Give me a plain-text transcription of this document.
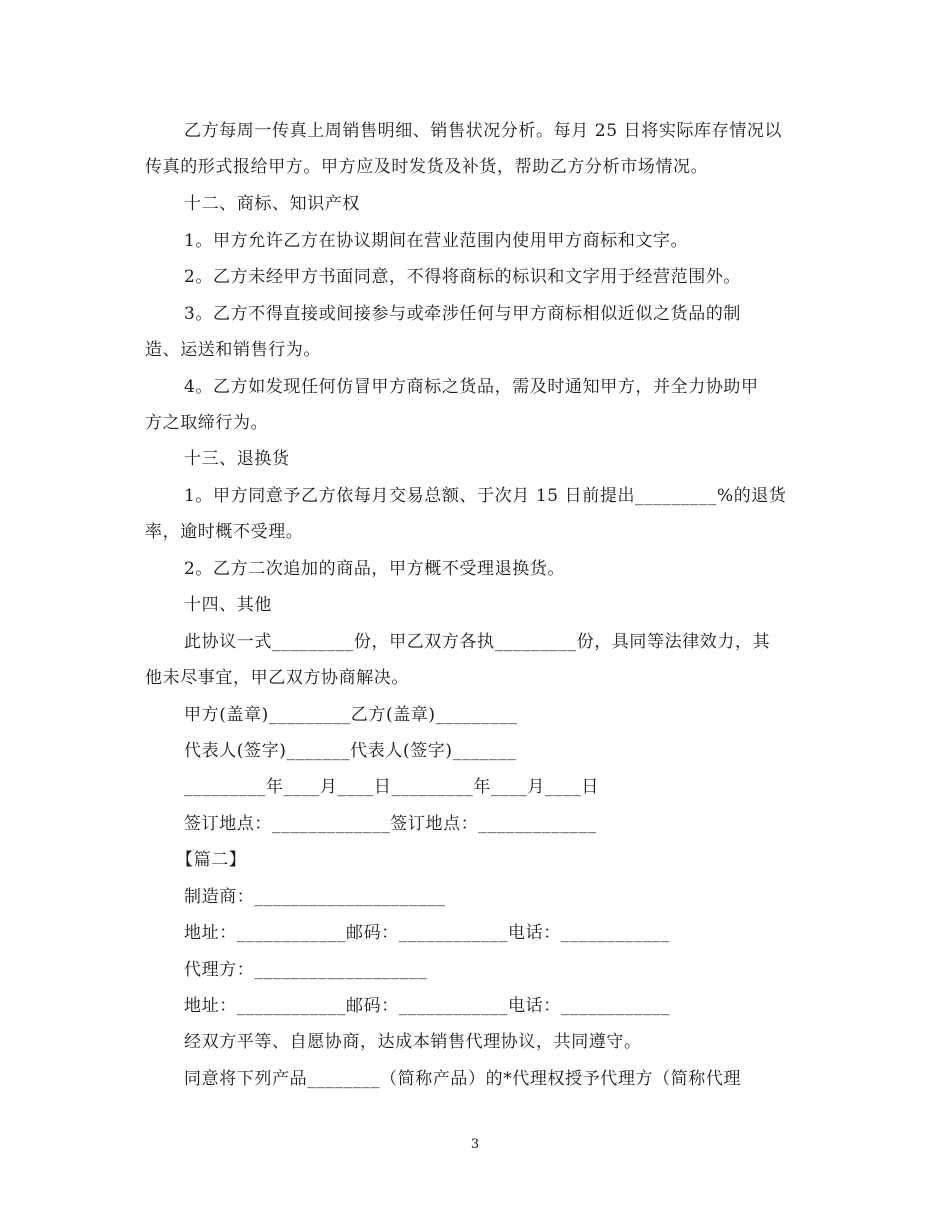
乙方每周一传真上周销售明细、销售状况分析。每月 25 日将实际库存情况以
传真的形式报给甲方。甲方应及时发货及补货，帮助乙方分析市场情况。
十二、商标、知识产权
1。甲方允许乙方在协议期间在营业范围内使用甲方商标和文字。
2。乙方未经甲方书面同意，不得将商标的标识和文字用于经营范围外。
3。乙方不得直接或间接参与或牵涉任何与甲方商标相似近似之货品的制
造、运送和销售行为。
4。乙方如发现任何仿冒甲方商标之货品，需及时通知甲方，并全力协助甲
方之取缔行为。
十三、退换货
1。甲方同意予乙方依每月交易总额、于次月 15 日前提出_________%的退货
率，逾时概不受理。
2。乙方二次追加的商品，甲方概不受理退换货。
十四、其他
此协议一式_________份，甲乙双方各执_________份，具同等法律效力，其
他未尽事宜，甲乙双方协商解决。
甲方(盖章)_________乙方(盖章)_________
代表人(签字)_______代表人(签字)_______
_________年____月____日_________年____月____日
签订地点：_____________签订地点：_____________
【篇二】
制造商：_____________________
地址：____________邮码：____________电话：____________
代理方：___________________
地址：____________邮码：____________电话：____________
经双方平等、自愿协商，达成本销售代理协议，共同遵守。
同意将下列产品________（简称产品）的*代理权授予代理方（简称代理
3
